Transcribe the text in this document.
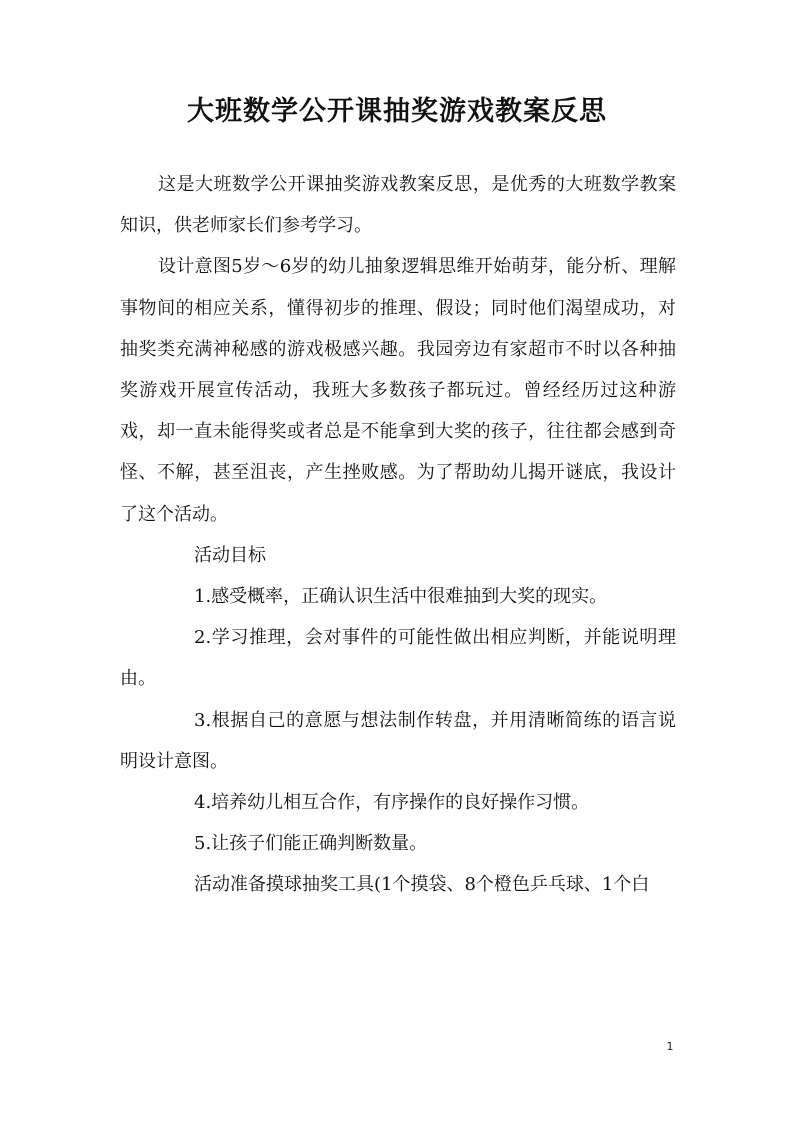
大班数学公开课抽奖游戏教案反思

这是大班数学公开课抽奖游戏教案反思，是优秀的大班数学教案知识，供老师家长们参考学习。

设计意图5岁～6岁的幼儿抽象逻辑思维开始萌芽，能分析、理解事物间的相应关系，懂得初步的推理、假设；同时他们渴望成功，对抽奖类充满神秘感的游戏极感兴趣。我园旁边有家超市不时以各种抽奖游戏开展宣传活动，我班大多数孩子都玩过。曾经经历过这种游戏，却一直未能得奖或者总是不能拿到大奖的孩子，往往都会感到奇怪、不解，甚至沮丧，产生挫败感。为了帮助幼儿揭开谜底，我设计了这个活动。

活动目标

1.感受概率，正确认识生活中很难抽到大奖的现实。

2.学习推理，会对事件的可能性做出相应判断，并能说明理由。

3.根据自己的意愿与想法制作转盘，并用清晰简练的语言说明设计意图。

4.培养幼儿相互合作，有序操作的良好操作习惯。

5.让孩子们能正确判断数量。

活动准备摸球抽奖工具(1个摸袋、8个橙色乒乓球、1个白

1
